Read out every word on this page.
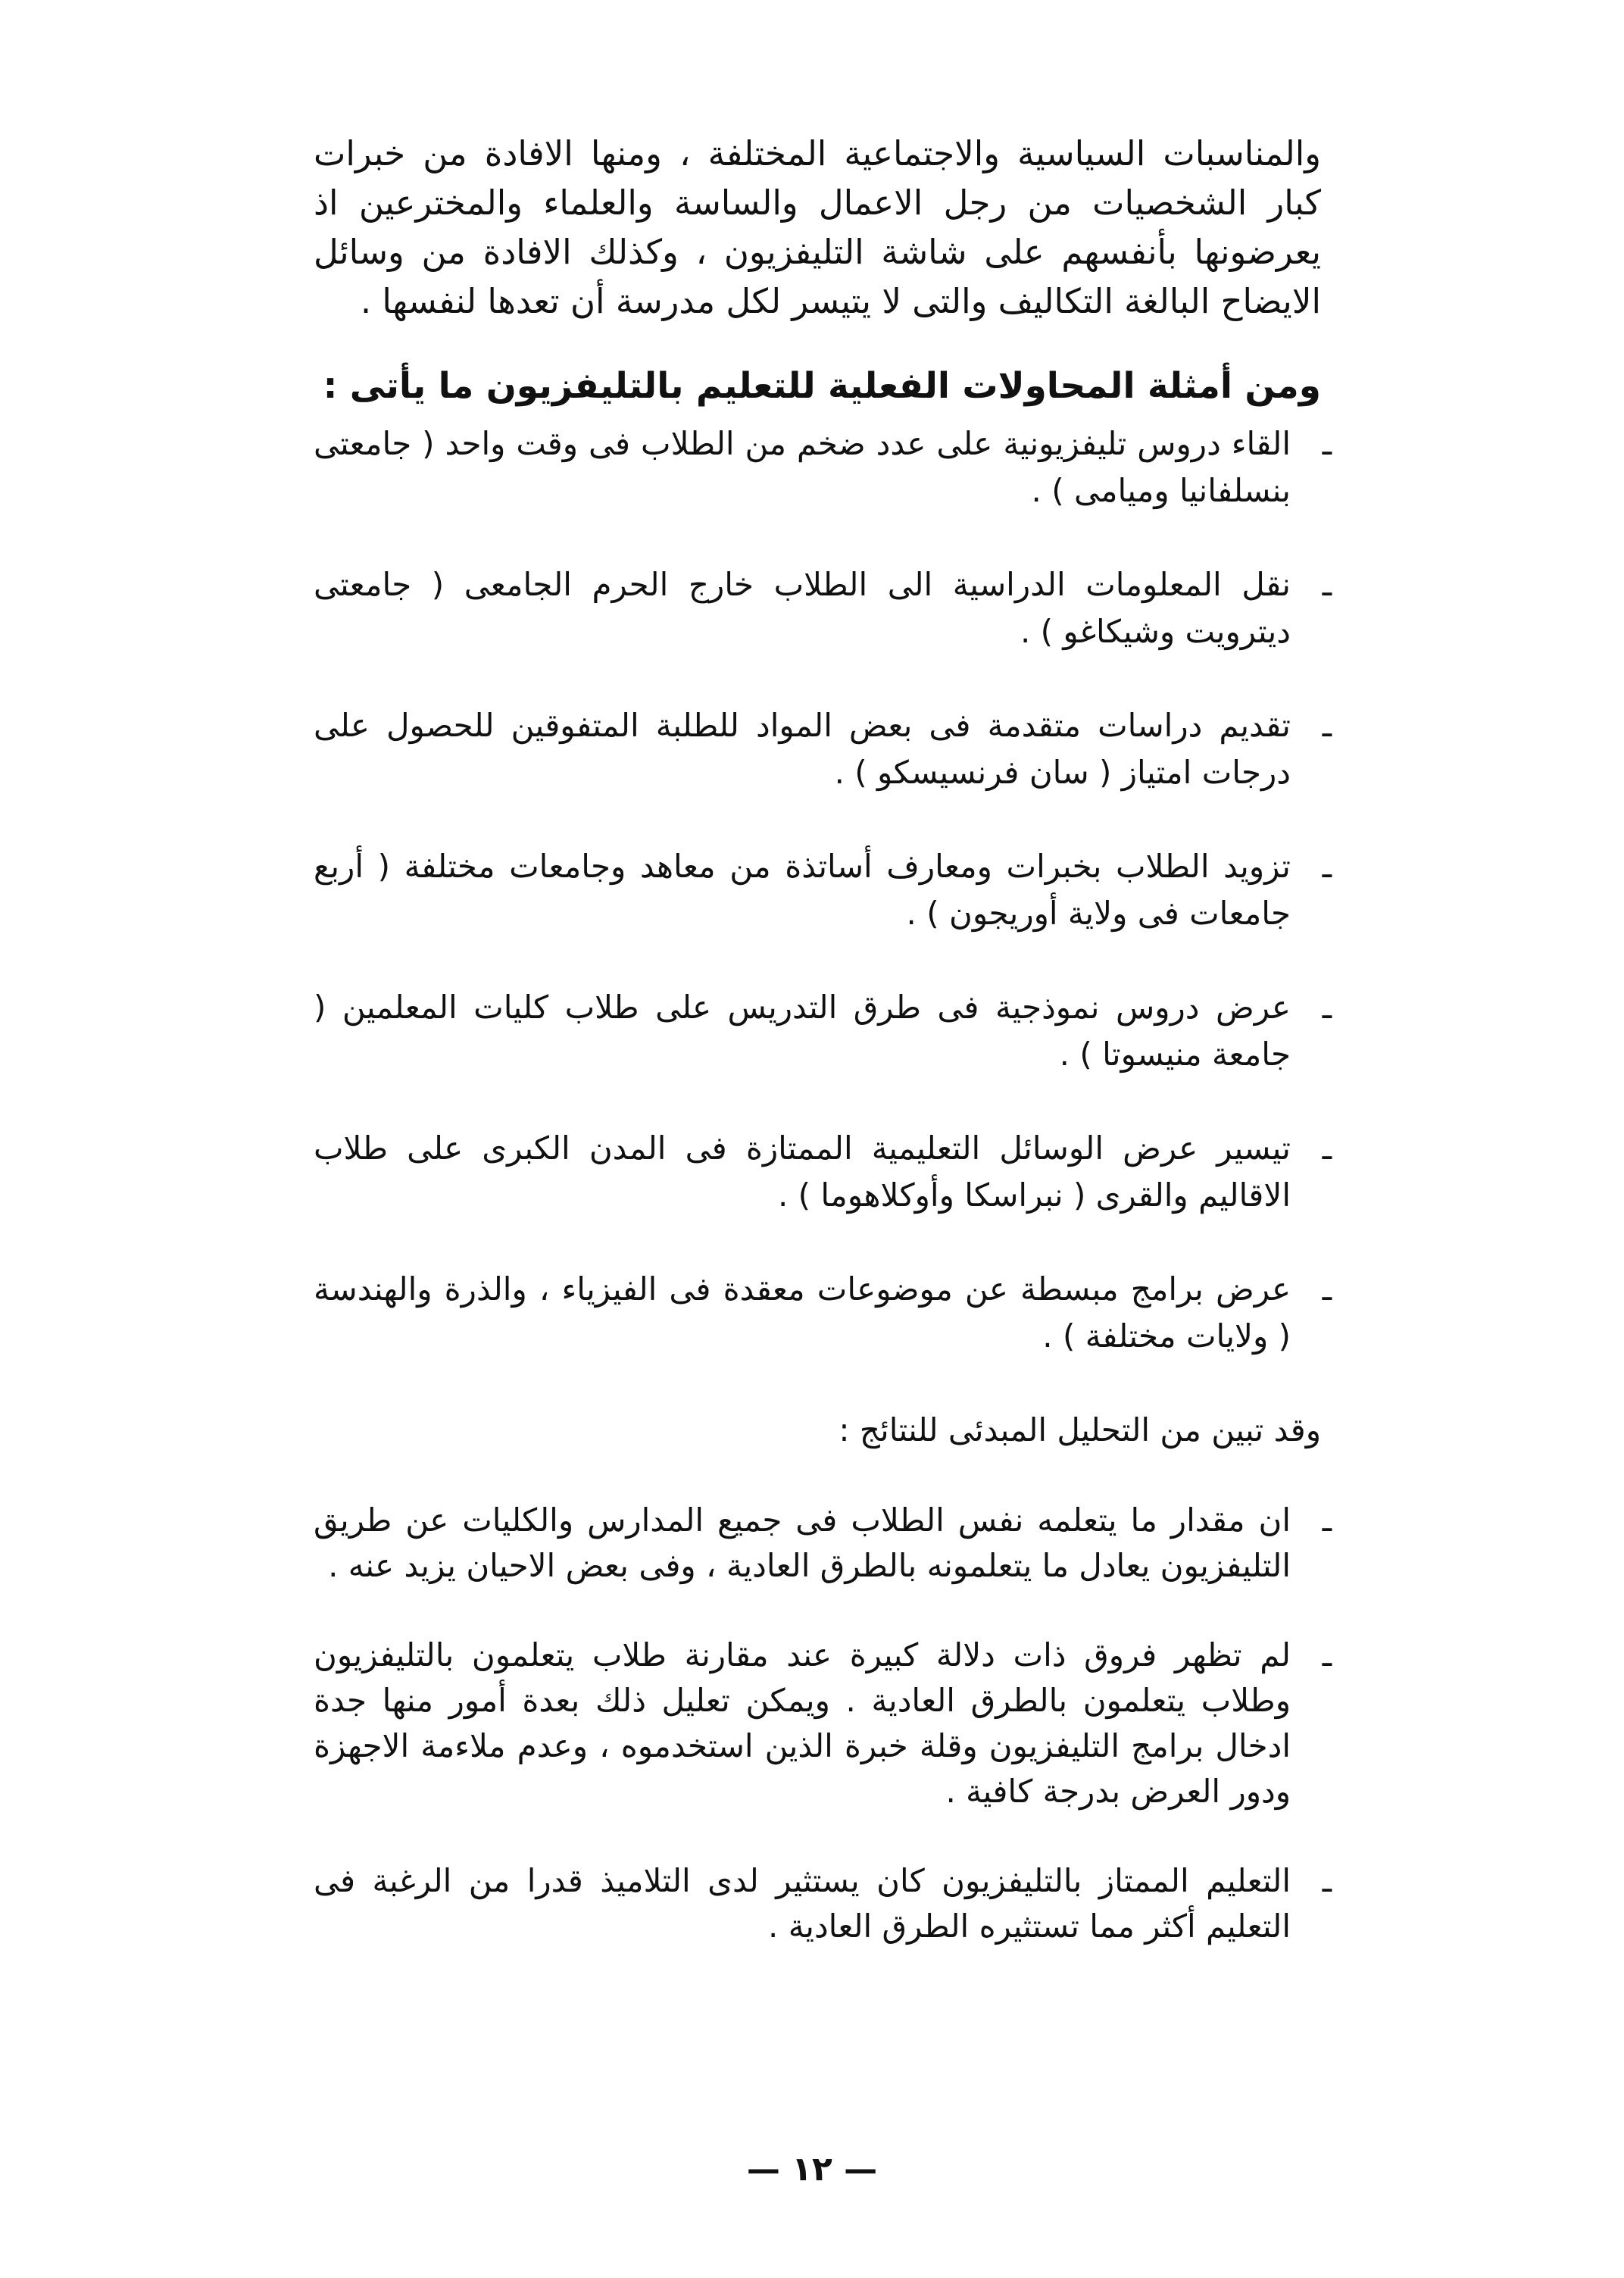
والمناسبات السياسية والاجتماعية المختلفة ، ومنها الافادة من خبرات كبار الشخصيات من رجل الاعمال والساسة والعلماء والمخترعين اذ يعرضونها بأنفسهم على شاشة التليفزيون ، وكذلك الافادة من وسائل الايضاح البالغة التكاليف والتى لا يتيسر لكل مدرسة أن تعدها لنفسها .

ومن أمثلة المحاولات الفعلية للتعليم بالتليفزيون ما يأتى :

ـ
القاء دروس تليفزيونية على عدد ضخم من الطلاب فى وقت واحد ( جامعتى بنسلفانيا وميامى ) .
ـ
نقل المعلومات الدراسية الى الطلاب خارج الحرم الجامعى ( جامعتى ديترويت وشيكاغو ) .
ـ
تقديم دراسات متقدمة فى بعض المواد للطلبة المتفوقين للحصول على درجات امتياز ( سان فرنسيسكو ) .
ـ
تزويد الطلاب بخبرات ومعارف أساتذة من معاهد وجامعات مختلفة ( أربع جامعات فى ولاية أوريجون ) .
ـ
عرض دروس نموذجية فى طرق التدريس على طلاب كليات المعلمين ( جامعة منيسوتا ) .
ـ
تيسير عرض الوسائل التعليمية الممتازة فى المدن الكبرى على طلاب الاقاليم والقرى ( نبراسكا وأوكلاهوما ) .
ـ
عرض برامج مبسطة عن موضوعات معقدة فى الفيزياء ، والذرة والهندسة ( ولايات مختلفة ) .

وقد تبين من التحليل المبدئى للنتائج :

ـ
ان مقدار ما يتعلمه نفس الطلاب فى جميع المدارس والكليات عن طريق التليفزيون يعادل ما يتعلمونه بالطرق العادية ، وفى بعض الاحيان يزيد عنه .
ـ
لم تظهر فروق ذات دلالة كبيرة عند مقارنة طلاب يتعلمون بالتليفزيون وطلاب يتعلمون بالطرق العادية . ويمكن تعليل ذلك بعدة أمور منها جدة ادخال برامج التليفزيون وقلة خبرة الذين استخدموه ، وعدم ملاءمة الاجهزة ودور العرض بدرجة كافية .
ـ
التعليم الممتاز بالتليفزيون كان يستثير لدى التلاميذ قدرا من الرغبة فى التعليم أكثر مما تستثيره الطرق العادية .
— ١٢ —
